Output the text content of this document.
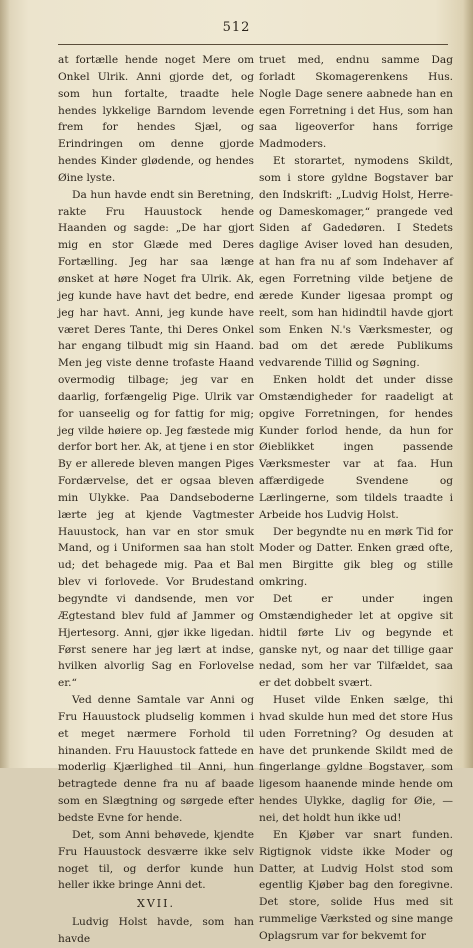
512

at fortælle hende noget Mere om Onkel Ulrik. Anni gjorde det, og som hun fortalte, traadte hele hendes lykkelige Barndom levende frem for hendes Sjæl, og Erindringen om denne gjorde hendes Kinder glødende, og hendes Øine lyste.

Da hun havde endt sin Beretning, rakte Fru Hauustock hende Haanden og sagde: „De har gjort mig en stor Glæde med Deres Fortælling. Jeg har saa længe ønsket at høre Noget fra Ulrik. Ak, jeg kunde have havt det bedre, end jeg har havt. Anni, jeg kunde have været Deres Tante, thi Deres Onkel har engang tilbudt mig sin Haand. Men jeg viste denne trofaste Haand overmodig tilbage; jeg var en daarlig, forfængelig Pige. Ulrik var for uanseelig og for fattig for mig; jeg vilde høiere op. Jeg fæstede mig derfor bort her. Ak, at tjene i en stor By er allerede bleven mangen Piges Fordærvelse, det er ogsaa bleven min Ulykke. Paa Dandseboderne lærte jeg at kjende Vagtmester Hauustock, han var en stor smuk Mand, og i Uniformen saa han stolt ud; det behagede mig. Paa et Bal blev vi forlovede. Vor Brudestand begyndte vi dandsende, men vor Ægtestand blev fuld af Jammer og Hjertesorg. Anni, gjør ikke ligedan. Først senere har jeg lært at indse, hvilken alvorlig Sag en Forlovelse er.“

Ved denne Samtale var Anni og Fru Hauustock pludselig kommen i et meget nærmere Forhold til hinanden. Fru Hauustock fattede en moderlig Kjærlighed til Anni, hun betragtede denne fra nu af baade som en Slægtning og sørgede efter bedste Evne for hende.

Det, som Anni behøvede, kjendte Fru Hauustock desværre ikke selv noget til, og derfor kunde hun heller ikke bringe Anni det.

XVII.

Ludvig Holst havde, som han havde

truet med, endnu samme Dag forladt Skomagerenkens Hus. Nogle Dage senere aabnede han en egen Forretning i det Hus, som han saa ligeoverfor hans forrige Madmoders.

Et storartet, nymodens Skildt, som i store gyldne Bogstaver bar den Indskrift: „Ludvig Holst, Herre- og Dameskomager,“ prangede ved Siden af Gadedøren. I Stedets daglige Aviser loved han desuden, at han fra nu af som Indehaver af egen Forretning vilde betjene de ærede Kunder ligesaa prompt og reelt, som han hidindtil havde gjort som Enken N.'s Værksmester, og bad om det ærede Publikums vedvarende Tillid og Søgning.

Enken holdt det under disse Omstændigheder for raadeligt at opgive Forretningen, for hendes Kunder forlod hende, da hun for Øieblikket ingen passende Værksmester var at faa. Hun affærdigede Svendene og Lærlingerne, som tildels traadte i Arbeide hos Ludvig Holst.

Der begyndte nu en mørk Tid for Moder og Datter. Enken græd ofte, men Birgitte gik bleg og stille omkring.

Det er under ingen Omstændigheder let at opgive sit hidtil førte Liv og begynde et ganske nyt, og naar det tillige gaar nedad, som her var Tilfældet, saa er det dobbelt svært.

Huset vilde Enken sælge, thi hvad skulde hun med det store Hus uden Forretning? Og desuden at have det prunkende Skildt med de fingerlange gyldne Bogstaver, som ligesom haanende minde hende om hendes Ulykke, daglig for Øie, — nei, det holdt hun ikke ud!

En Kjøber var snart funden. Rigtignok vidste ikke Moder og Datter, at Ludvig Holst stod som egentlig Kjøber bag den foregivne. Det store, solide Hus med sit rummelige Værksted og sine mange Oplagsrum var for bekvemt for
